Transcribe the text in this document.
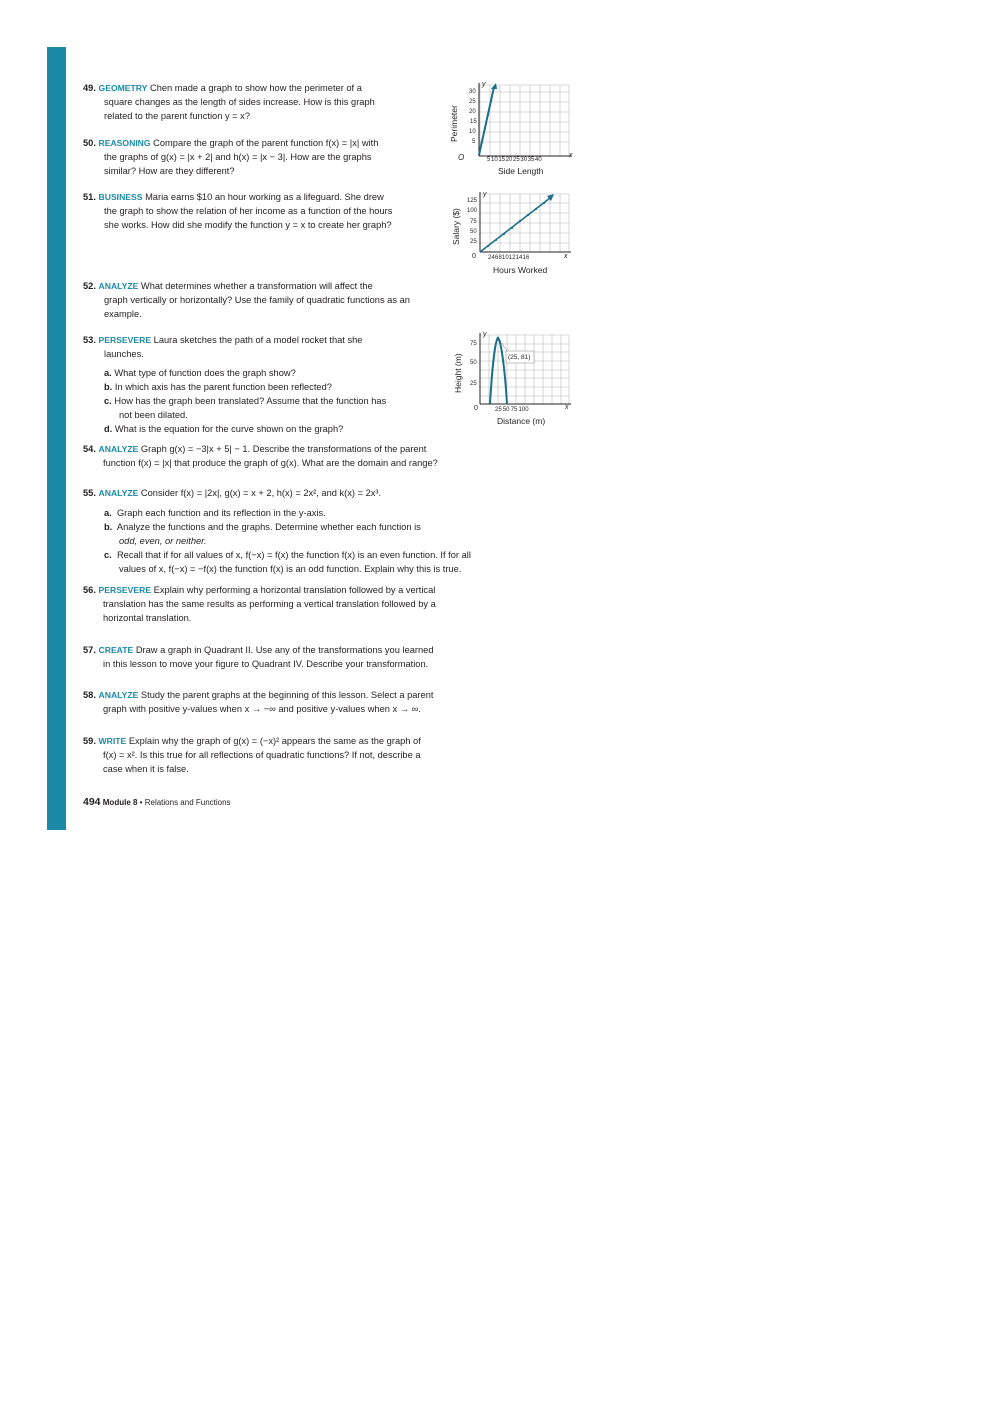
49. GEOMETRY Chen made a graph to show how the perimeter of a

square changes as the length of sides increase. How is this graph

related to the parent function y = x?

50. REASONING Compare the graph of the parent function f(x) = |x| with

the graphs of g(x) = |x + 2| and h(x) = |x − 3|. How are the graphs

similar? How are they different?

51. BUSINESS Maria earns $10 an hour working as a lifeguard. She drew

the graph to show the relation of her income as a function of the hours

she works. How did she modify the function y = x to create her graph?

52. ANALYZE What determines whether a transformation will affect the

graph vertically or horizontally? Use the family of quadratic functions as an

example.

53. PERSEVERE Laura sketches the path of a model rocket that she

launches.

a. What type of function does the graph show?

b. In which axis has the parent function been reflected?

c. How has the graph been translated? Assume that the function has

not been dilated.

d. What is the equation for the curve shown on the graph?

54. ANALYZE Graph g(x) = −3|x + 5| − 1. Describe the transformations of the parent

function f(x) = |x| that produce the graph of g(x). What are the domain and range?

55. ANALYZE Consider f(x) = |2x|, g(x) = x + 2, h(x) = 2x², and k(x) = 2x³.

a. Graph each function and its reflection in the y-axis.

b. Analyze the functions and the graphs. Determine whether each function is

odd, even, or neither.

c. Recall that if for all values of x, f(−x) = f(x) the function f(x) is an even function. If for all

values of x, f(−x) = −f(x) the function f(x) is an odd function. Explain why this is true.

56. PERSEVERE Explain why performing a horizontal translation followed by a vertical

translation has the same results as performing a vertical translation followed by a

horizontal translation.

57. CREATE Draw a graph in Quadrant II. Use any of the transformations you learned

in this lesson to move your figure to Quadrant IV. Describe your transformation.

58. ANALYZE Study the parent graphs at the beginning of this lesson. Select a parent

graph with positive y-values when x → −∞ and positive y-values when x → ∞.

59. WRITE Explain why the graph of g(x) = (−x)² appears the same as the graph of

f(x) = x². Is this true for all reflections of quadratic functions? If not, describe a

case when it is false.

y
x
O
30
25
20
15
10
5
5 10 15 20 25 30 35 40
Perimeter
Side Length
y
x
0
125
100
75
50
25
2 4 6 8 10 12 14 16
Salary ($)
Hours Worked
y
x
0
75
50
25
25 50 75 100
(25, 81)
Height (m)
Distance (m)
494 Module 8 • Relations and Functions
